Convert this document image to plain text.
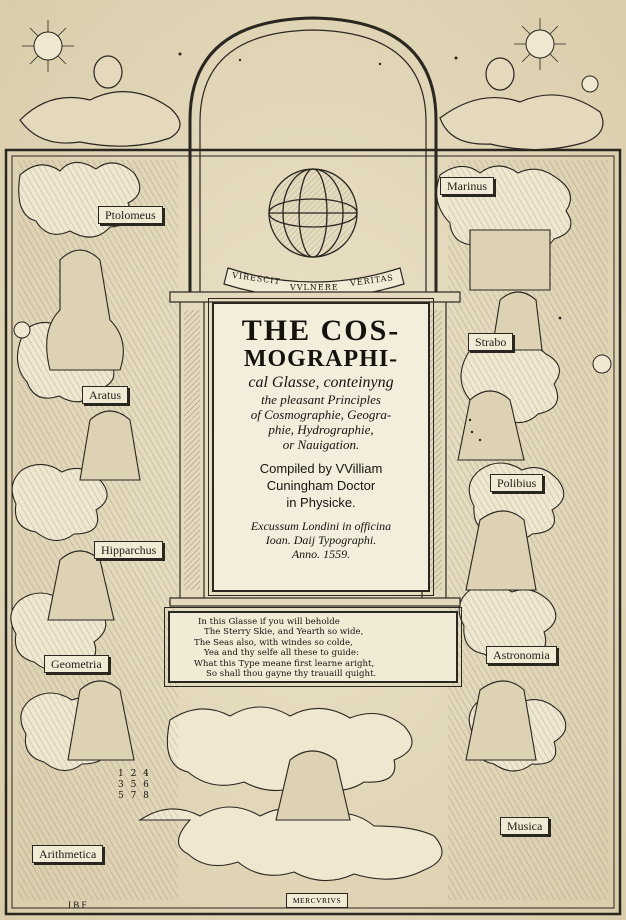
VIRESCIT
VVLNERE VERITAS
Ptolomeus
Marinus
Aratus
Strabo
Hipparchus
Polibius
Geometria
Astronomia
Arithmetica
Musica
MERCVRIVS
1 2 4
3 5 6
5 7 8
I B F
THE COS-
MOGRAPHI-
cal Glasse, conteinyng
the pleasant Principles
of Cosmographie, Geogra-
phie, Hydrographie,
or Nauigation.
Compiled by VVilliam
Cuningham Doctor
in Physicke.
Excussum Londini in officina
Ioan. Daij Typographi.
Anno. 1559.
In this Glasse if you will beholde
The Sterry Skie, and Yearth so wide,
The Seas also, with windes so colde,
Yea and thy selfe all these to guide:
What this Type meane first learne aright,
So shall thou gayne thy trauaill quight.
